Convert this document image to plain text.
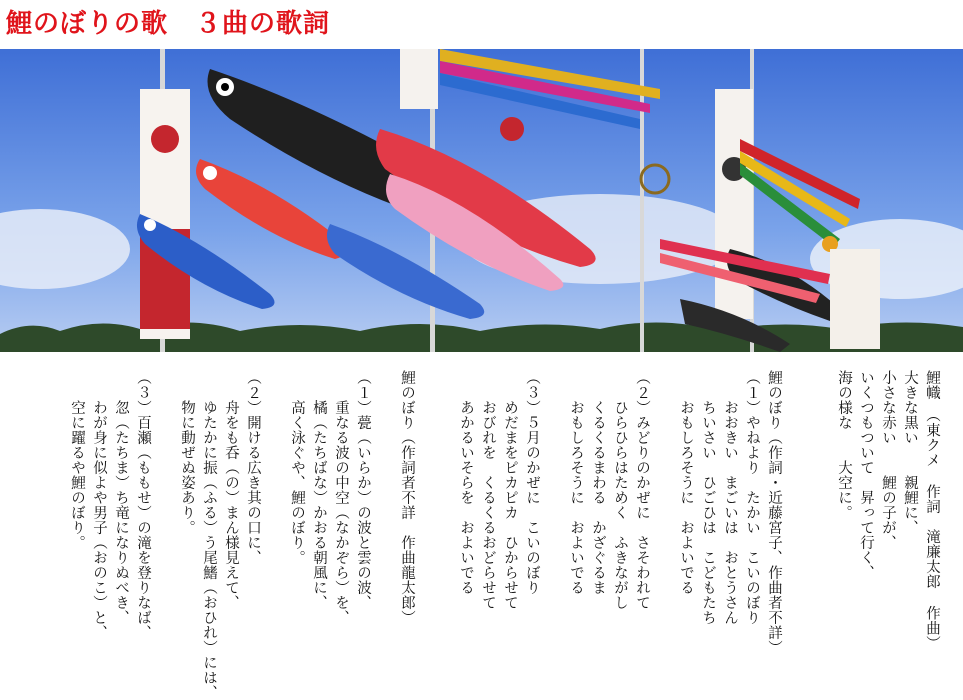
鯉のぼりの歌　３曲の歌詞
鯉幟　（東クメ 作詞　滝廉太郎 作曲）
大きな黒い　　親鯉に、
小さな赤い　　鯉の子が、
いくつもついて　昇って行く、
海の様な　　大空に。
鯉のぼり（作詞・近藤宮子、作曲者不詳）
（１）やねより　たかい　こいのぼり
　　おおきい　まごいは　おとうさん
　　ちいさい　ひごひは　こどもたち
　　おもしろそうに　およいでる
（２）みどりのかぜに　さそわれて
　　ひらひらはためく　ふきながし
　　くるくるまわる　かざぐるま
　　おもしろそうに　およいでる
（３）５月のかぜに　こいのぼり
　　めだまをピカピカ　ひからせて
　　おびれを　くるくるおどらせて
　　あかるいそらを　およいでる
鯉のぼり（作詞者不詳　作曲龍太郎）
（１）甍（いらか）の波と雲の波、
　　重なる波の中空（なかぞら）を、
　　橘（たちばな）かおる朝風に、
　　高く泳ぐや、鯉のぼり。
（２）開ける広き其の口に、
　　舟をも呑（の）まん様見えて、
　　ゆたかに振（ふる）う尾鰭（おひれ）には、
　　物に動ぜぬ姿あり。
（３）百瀬（ももせ）の滝を登りなば、
　　忽（たちま）ち竜になりぬべき、
　　わが身に似よや男子（おのこ）と、
　　空に躍るや鯉のぼり。
